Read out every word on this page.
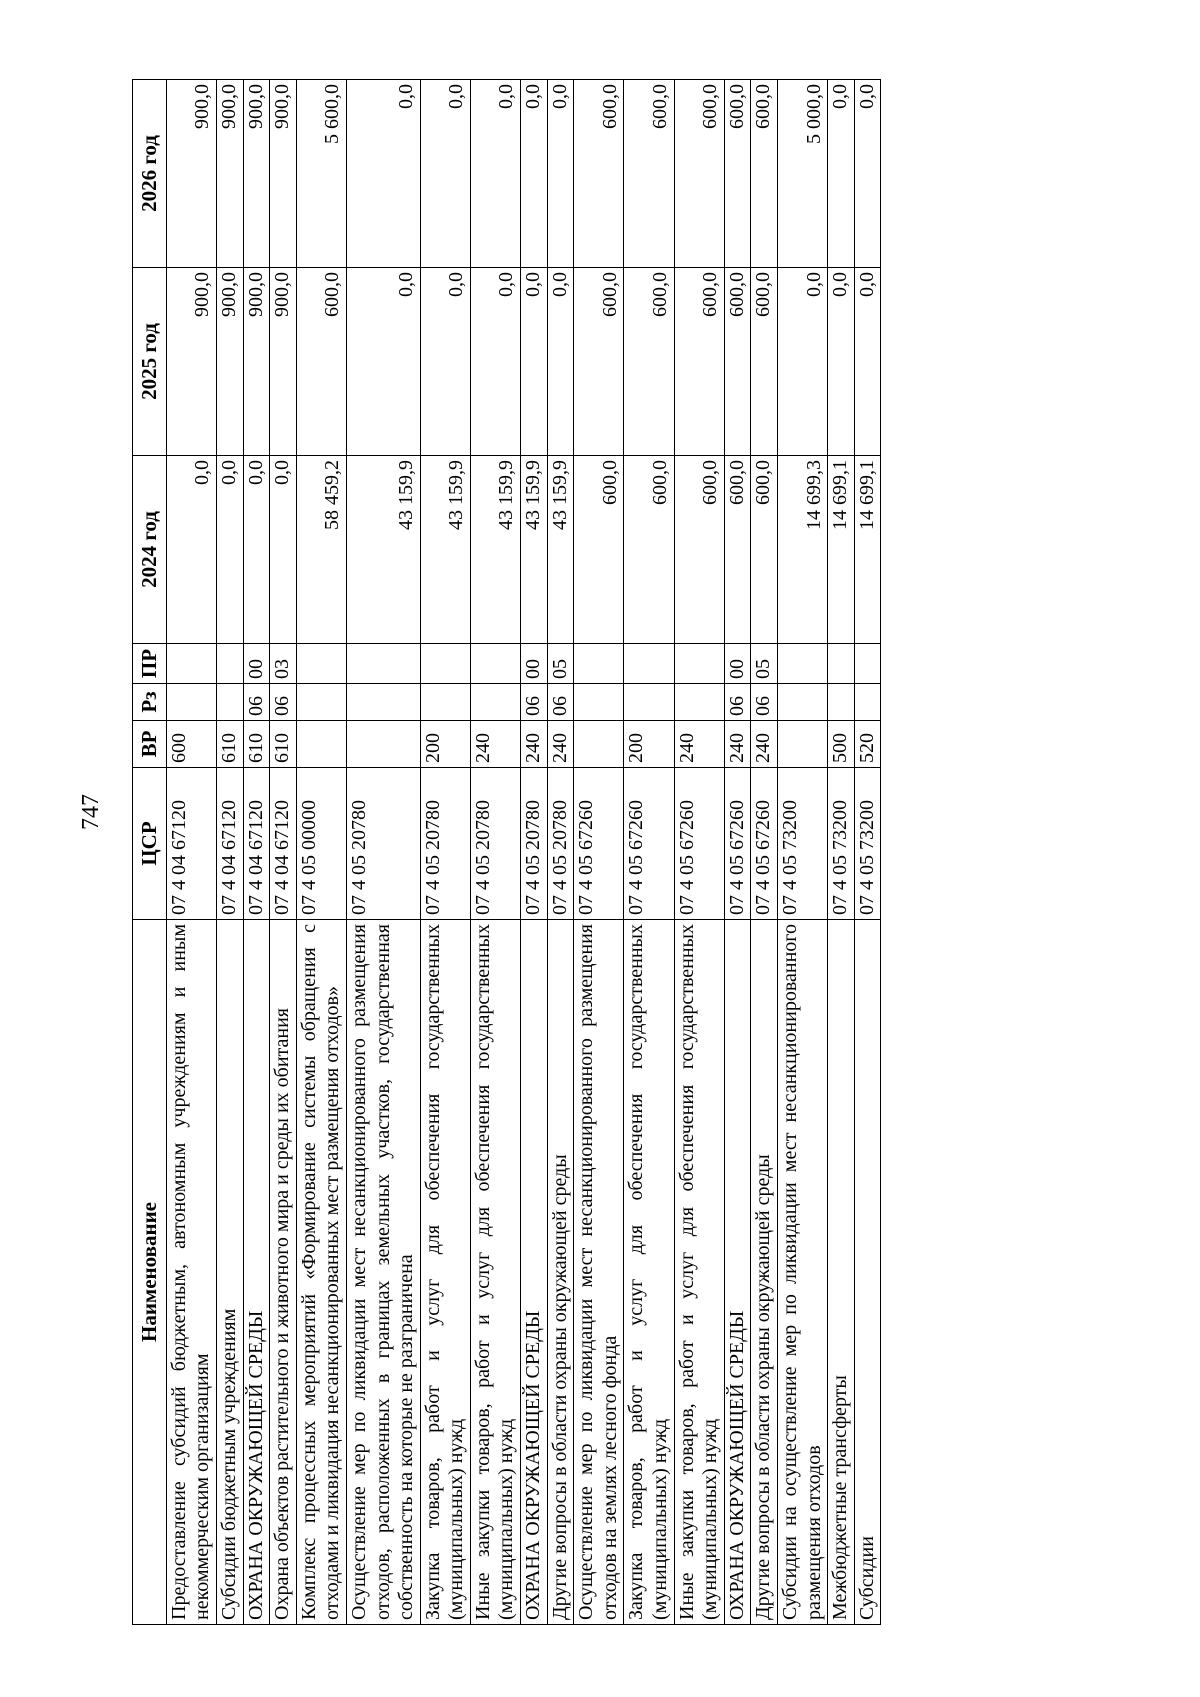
747
Наименование	ЦСР	ВР	Рз	ПР	2024 год	2025 год	2026 год
Предоставление субсидий бюджетным, автономным учреждениям и иным некоммерческим организациям	07 4 04 67120	600			0,0	900,0	900,0
Субсидии бюджетным учреждениям	07 4 04 67120	610			0,0	900,0	900,0
ОХРАНА ОКРУЖАЮЩЕЙ СРЕДЫ	07 4 04 67120	610	06	00	0,0	900,0	900,0
Охрана объектов растительного и животного мира и среды их обитания	07 4 04 67120	610	06	03	0,0	900,0	900,0
Комплекс процессных мероприятий «Формирование системы обращения с отходами и ликвидация несанкционированных мест размещения отходов»	07 4 05 00000				58 459,2	600,0	5 600,0
Осуществление мер по ликвидации мест несанкционированного размещения отходов, расположенных в границах земельных участков, государственная собственность на которые не разграничена	07 4 05 20780				43 159,9	0,0	0,0
Закупка товаров, работ и услуг для обеспечения государственных (муниципальных) нужд	07 4 05 20780	200			43 159,9	0,0	0,0
Иные закупки товаров, работ и услуг для обеспечения государственных (муниципальных) нужд	07 4 05 20780	240			43 159,9	0,0	0,0
ОХРАНА ОКРУЖАЮЩЕЙ СРЕДЫ	07 4 05 20780	240	06	00	43 159,9	0,0	0,0
Другие вопросы в области охраны окружающей среды	07 4 05 20780	240	06	05	43 159,9	0,0	0,0
Осуществление мер по ликвидации мест несанкционированного размещения отходов на землях лесного фонда	07 4 05 67260				600,0	600,0	600,0
Закупка товаров, работ и услуг для обеспечения государственных (муниципальных) нужд	07 4 05 67260	200			600,0	600,0	600,0
Иные закупки товаров, работ и услуг для обеспечения государственных (муниципальных) нужд	07 4 05 67260	240			600,0	600,0	600,0
ОХРАНА ОКРУЖАЮЩЕЙ СРЕДЫ	07 4 05 67260	240	06	00	600,0	600,0	600,0
Другие вопросы в области охраны окружающей среды	07 4 05 67260	240	06	05	600,0	600,0	600,0
Субсидии на осуществление мер по ликвидации мест несанкционированного размещения отходов	07 4 05 73200				14 699,3	0,0	5 000,0
Межбюджетные трансферты	07 4 05 73200	500			14 699,1	0,0	0,0
Субсидии	07 4 05 73200	520			14 699,1	0,0	0,0
